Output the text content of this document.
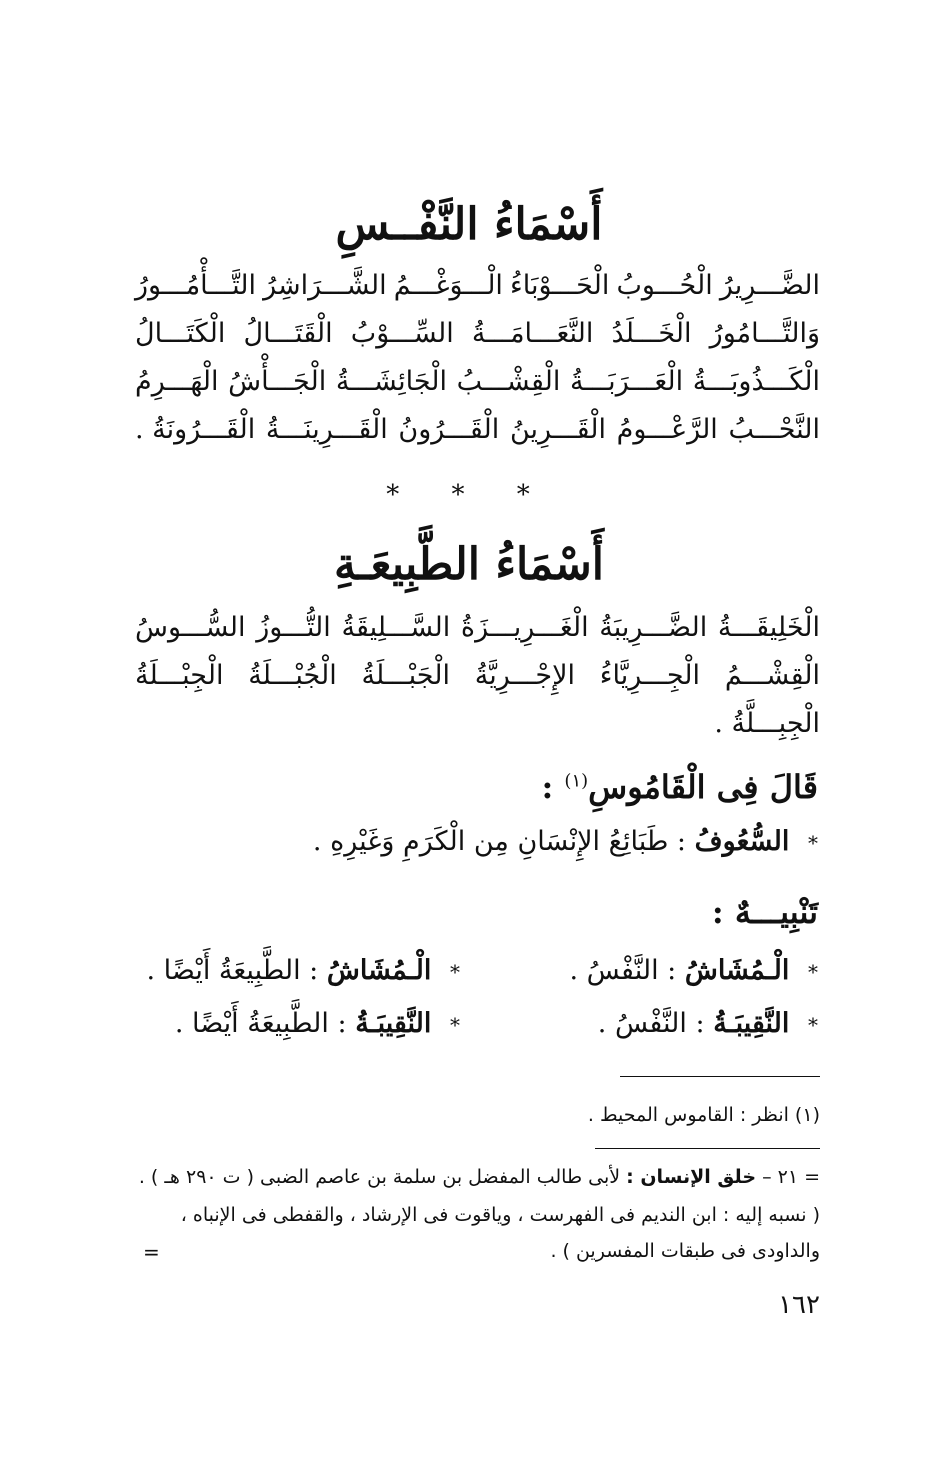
أَسْمَاءُ النَّفْــسِ
الضَّـــرِيرُ
الْحُـــوبُ
الْحَـــوْبَاءُ
الْـــوَغْـــمُ
الشَّـــرَاشِرُ
التَّـــأْمُـــورُ
وَالتَّـــامُورُ
الْخَـــلَدُ
النَّعَـــامَـــةُ
السِّـــوْبُ
الْقَتَـــالُ
الْكَتَـــالُ
الْكَـــذُوبَـــةُ
الْعَـــرَبَـــةُ
الْقِشْـــبُ
الْجَائِشَـــةُ
الْجَـــأْشُ
الْهَـــرِمُ
النَّحْـــبُ
الرَّعْـــومُ
الْقَـــرِينُ
الْقَـــرُونُ
الْقَـــرِينَـــةُ
الْقَـــرُونَةُ .
* * *
أَسْمَاءُ الطَّبِيعَـةِ
الْخَلِيقَـــةُ
الضَّـــرِيبَةُ
الْغَـــرِيـــزَةُ
السَّـــلِيقَةُ
التُّـــوزُ
السُّـــوسُ
الْقِشْـــمُ
الْجِـــرِيَّاءُ
الإِجْـــرِيَّةُ
الْجَبْـــلَةُ
الْجُبْـــلَةُ
الْجِبْـــلَةُ
الْجِبِـــلَّةُ .
قَالَ فِى الْقَامُوسِ$^{(١)}$ :
* السُّعُوفُ : طَبَائِعُ الإِنْسَانِ مِن الْكَرَمِ وَغَيْرِهِ .
تَنْبِيـــهٌ :
* الْـمُشَاشُ : النَّفْسُ .
* الْـمُشَاشُ : الطَّبِيعَةُ أَيْضًا .
* النَّقِيبَـةُ : النَّفْسُ .
* النَّقِيبَـةُ : الطَّبِيعَةُ أَيْضًا .
(١) انظر : القاموس المحيط .
= ٢١ – خلق الإنسان : لأبى طالب المفضل بن سلمة بن عاصم الضبى ( ت ٢٩٠ هـ ) .
( نسبه إليه : ابن النديم فى الفهرست ، وياقوت فى الإرشاد ، والقفطى فى الإنباه ،
والداودى فى طبقات المفسرين ) .
=
١٦٢
